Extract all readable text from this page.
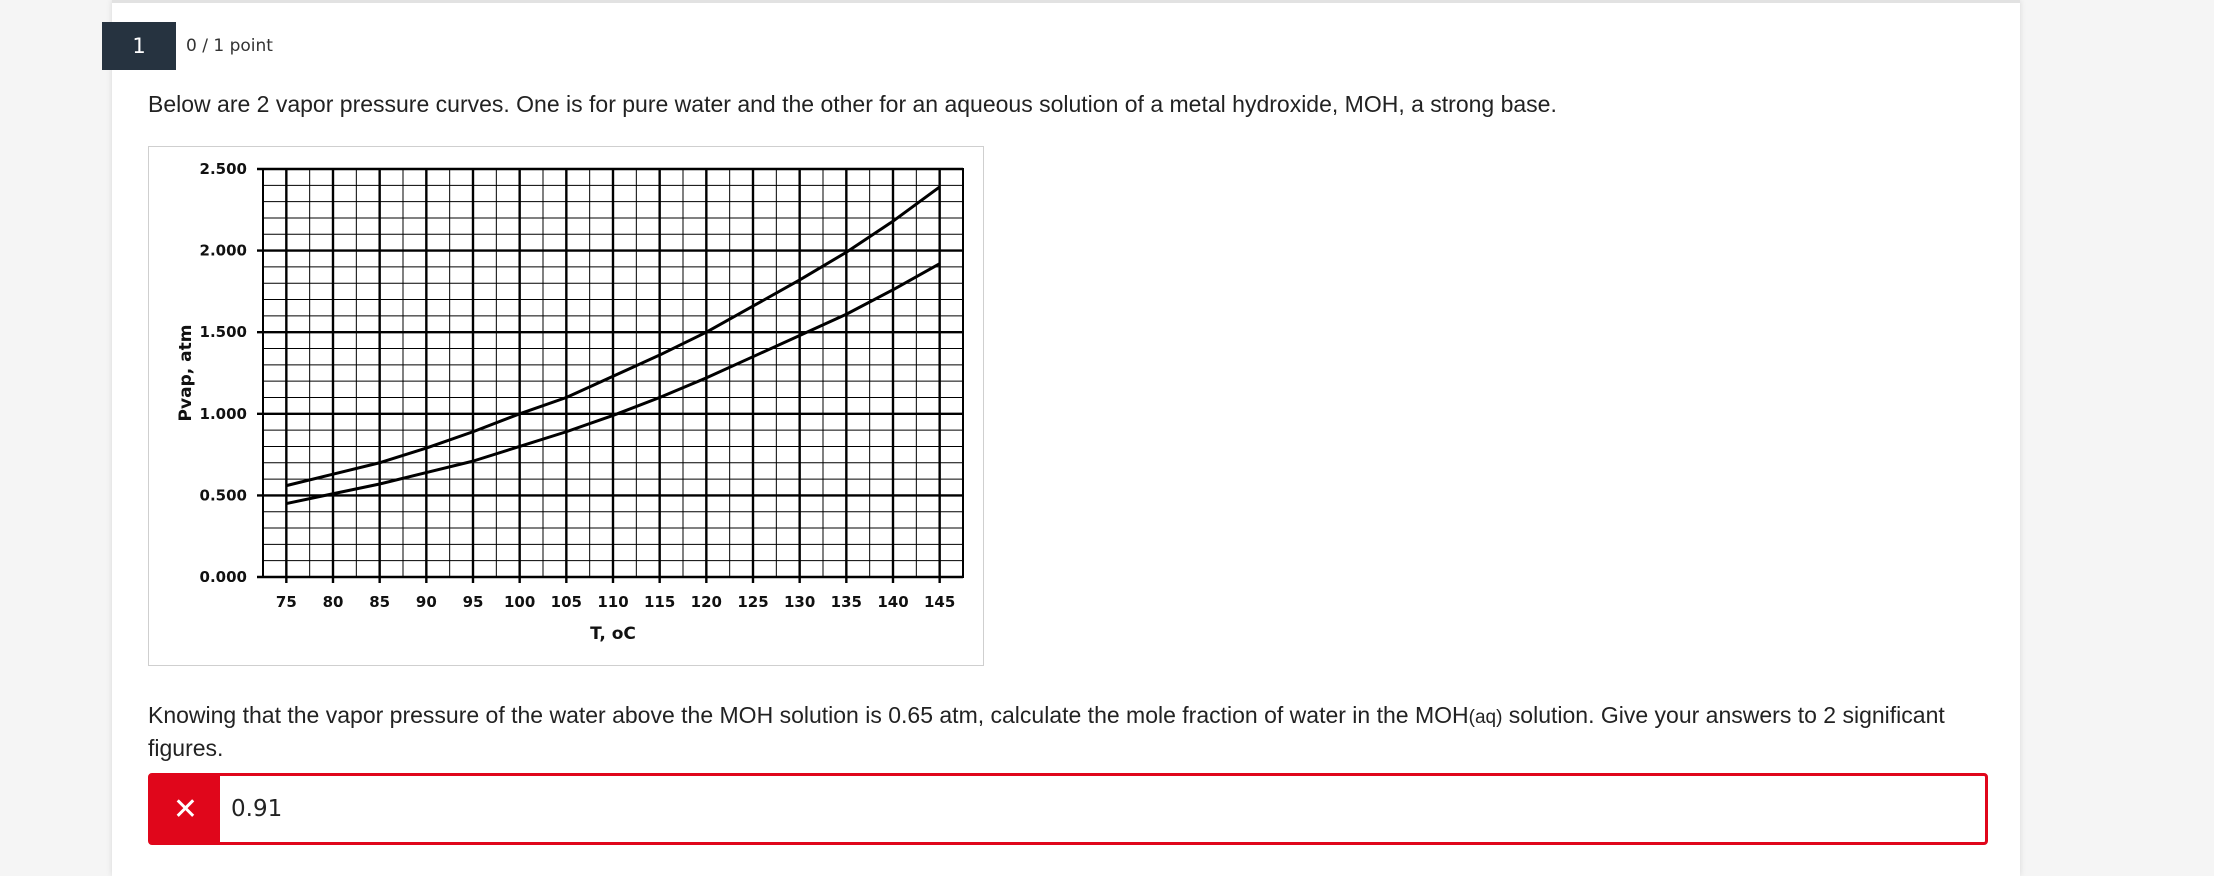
1	0 / 1 point
Below are 2 vapor pressure curves. One is for pure water and the other for an aqueous solution of a metal hydroxide, MOH, a strong base.
0.000
0.500
1.000
1.500
2.000
2.500
75 80 85 90 95 100 105 110 115 120 125 130 135 140 145
T, oC
Pvap, atm
Knowing that the vapor pressure of the water above the MOH solution is 0.65 atm, calculate the mole fraction of water in the MOH(aq) solution. Give your answers to 2 significant figures.
✕ 0.91
